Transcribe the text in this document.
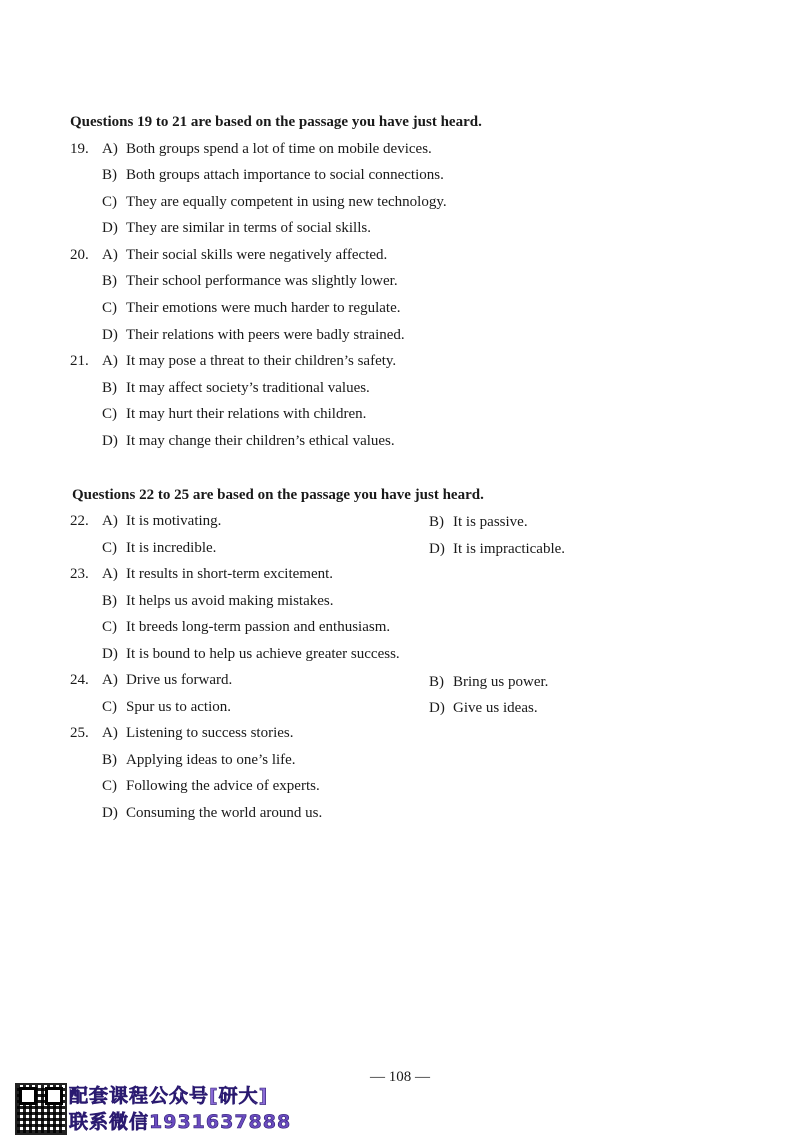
Questions 19 to 21 are based on the passage you have just heard.
19. A) Both groups spend a lot of time on mobile devices.
B) Both groups attach importance to social connections.
C) They are equally competent in using new technology.
D) They are similar in terms of social skills.
20. A) Their social skills were negatively affected.
B) Their school performance was slightly lower.
C) Their emotions were much harder to regulate.
D) Their relations with peers were badly strained.
21. A) It may pose a threat to their children’s safety.
B) It may affect society’s traditional values.
C) It may hurt their relations with children.
D) It may change their children’s ethical values.
Questions 22 to 25 are based on the passage you have just heard.
22. A) It is motivating.	B) It is passive.
C) It is incredible.	D) It is impracticable.
23. A) It results in short-term excitement.
B) It helps us avoid making mistakes.
C) It breeds long-term passion and enthusiasm.
D) It is bound to help us achieve greater success.
24. A) Drive us forward.	B) Bring us power.
C) Spur us to action.	D) Give us ideas.
25. A) Listening to success stories.
B) Applying ideas to one’s life.
C) Following the advice of experts.
D) Consuming the world around us.
— 108 —
配套课程公众号[研大]
联系微信1931637888
